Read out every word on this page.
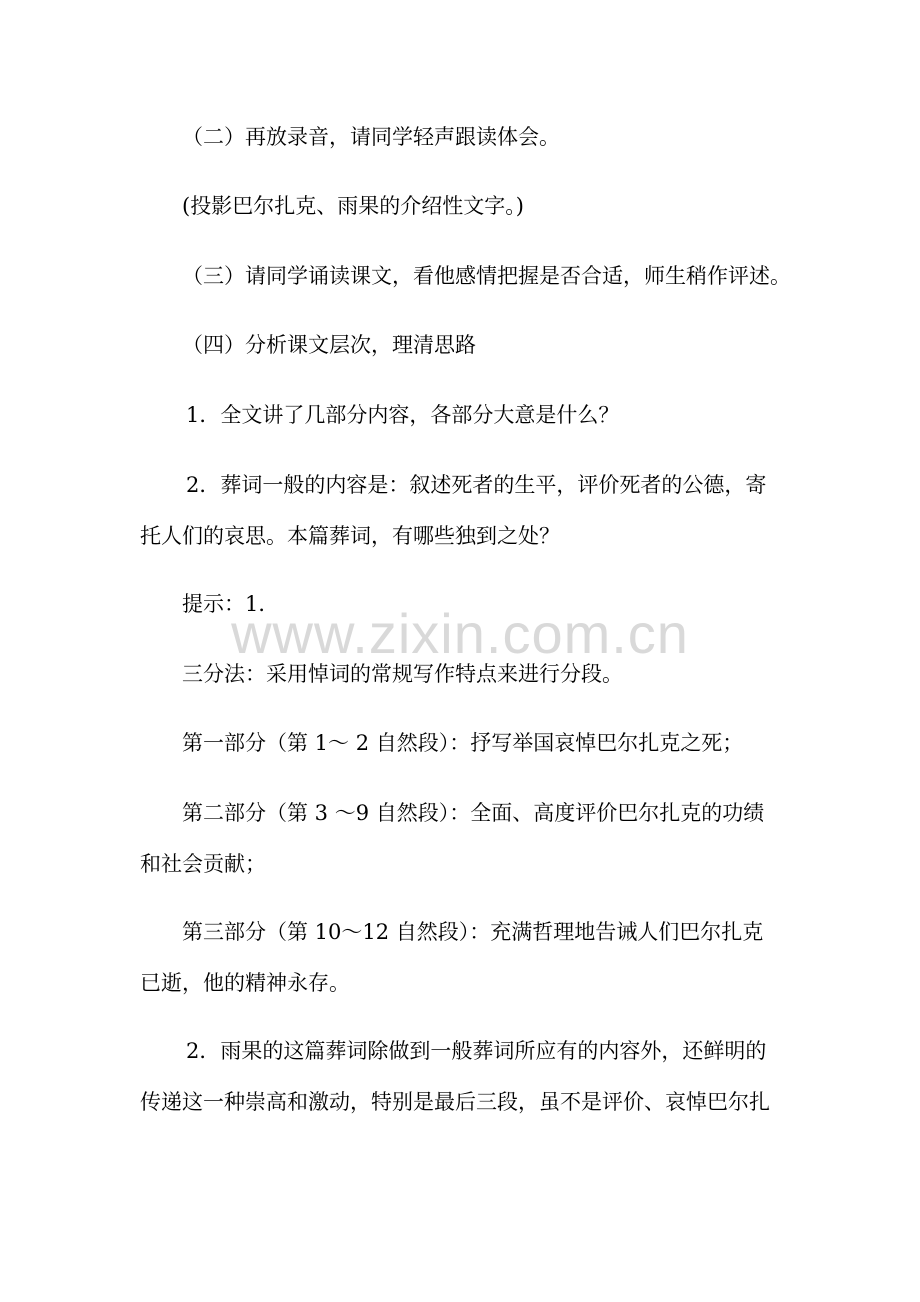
（二）再放录音，请同学轻声跟读体会。
(投影巴尔扎克、雨果的介绍性文字。)
（三）请同学诵读课文，看他感情把握是否合适，师生稍作评述。
（四）分析课文层次，理清思路
1．全文讲了几部分内容，各部分大意是什么？
2．葬词一般的内容是：叙述死者的生平，评价死者的公德，寄
托人们的哀思。本篇葬词，有哪些独到之处？
提示：1．
三分法：采用悼词的常规写作特点来进行分段。
第一部分（第 1～ 2 自然段）：抒写举国哀悼巴尔扎克之死；
第二部分（第 3 ～9 自然段）：全面、高度评价巴尔扎克的功绩
和社会贡献；
第三部分（第 10～12 自然段）：充满哲理地告诫人们巴尔扎克
已逝，他的精神永存。
2．雨果的这篇葬词除做到一般葬词所应有的内容外，还鲜明的
传递这一种崇高和激动，特别是最后三段，虽不是评价、哀悼巴尔扎
www.zixin.com.cn
